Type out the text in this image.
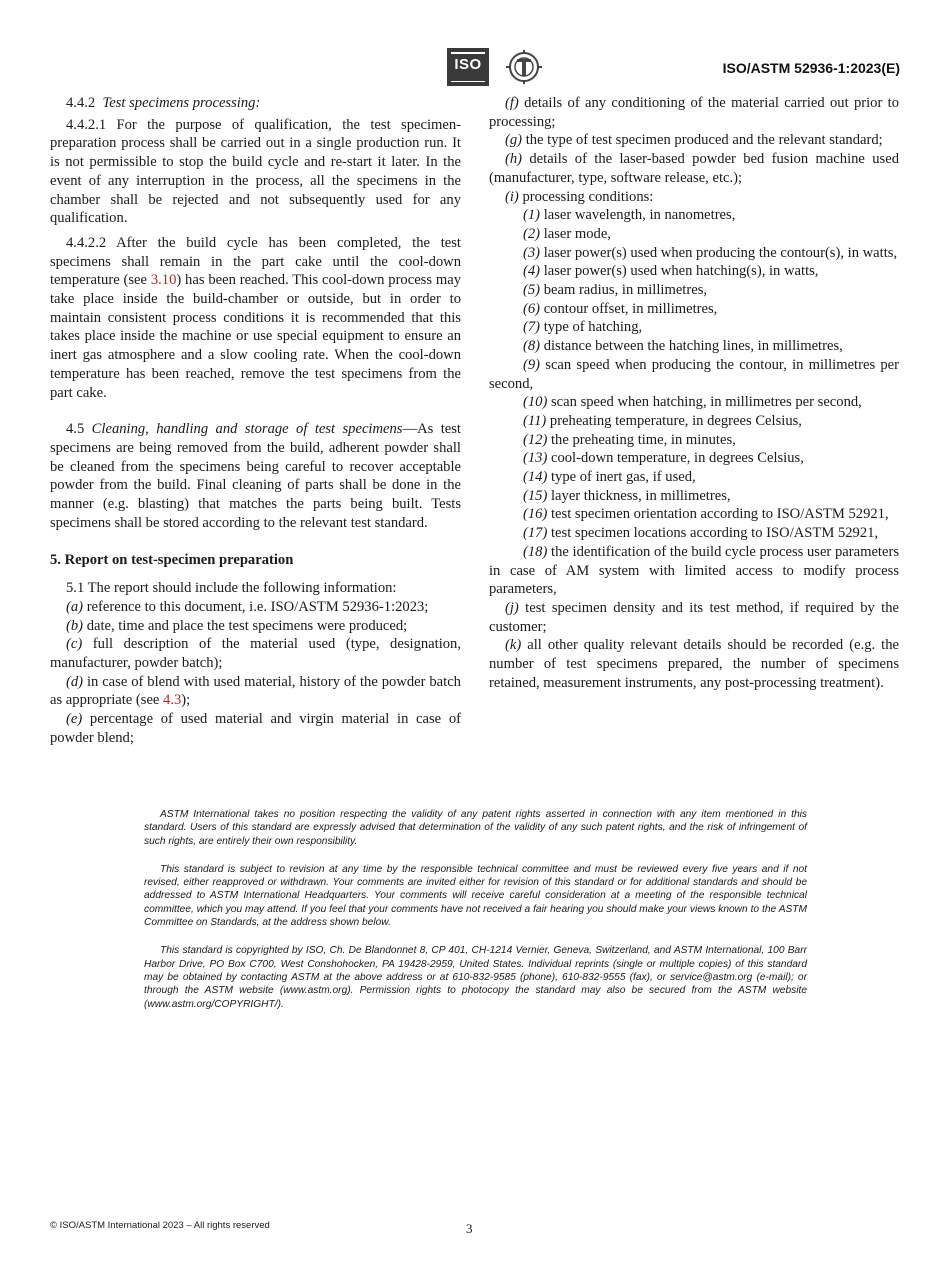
ISO	ISO/ASTM 52936-1:2023(E)

4.4.2 Test specimens processing:

4.4.2.1 For the purpose of qualification, the test specimen-preparation process shall be carried out in a single production run. It is not permissible to stop the build cycle and re-start it later. In the event of any interruption in the process, all the specimens in the chamber shall be rejected and not subsequently used for any qualification.

4.4.2.2 After the build cycle has been completed, the test specimens shall remain in the part cake until the cool-down temperature (see 3.10) has been reached. This cool-down process may take place inside the build-chamber or outside, but in order to maintain consistent process conditions it is recommended that this takes place inside the machine or use special equipment to ensure an inert gas atmosphere and a slow cooling rate. When the cool-down temperature has been reached, remove the test specimens from the part cake.

4.5 Cleaning, handling and storage of test specimens—As test specimens are being removed from the build, adherent powder shall be cleaned from the specimens being careful to recover acceptable powder from the build. Final cleaning of parts shall be done in the manner (e.g. blasting) that matches the parts being built. Tests specimens shall be stored according to the relevant test standard.

5. Report on test-specimen preparation

5.1 The report should include the following information:

(a) reference to this document, i.e. ISO/ASTM 52936-1:2023;

(b) date, time and place the test specimens were produced;

(c) full description of the material used (type, designation, manufacturer, powder batch);

(d) in case of blend with used material, history of the powder batch as appropriate (see 4.3);

(e) percentage of used material and virgin material in case of powder blend;

(f) details of any conditioning of the material carried out prior to processing;

(g) the type of test specimen produced and the relevant standard;

(h) details of the laser-based powder bed fusion machine used (manufacturer, type, software release, etc.);

(i) processing conditions:

(1) laser wavelength, in nanometres,

(2) laser mode,

(3) laser power(s) used when producing the contour(s), in watts,

(4) laser power(s) used when hatching(s), in watts,

(5) beam radius, in millimetres,

(6) contour offset, in millimetres,

(7) type of hatching,

(8) distance between the hatching lines, in millimetres,

(9) scan speed when producing the contour, in millimetres per second,

(10) scan speed when hatching, in millimetres per second,

(11) preheating temperature, in degrees Celsius,

(12) the preheating time, in minutes,

(13) cool-down temperature, in degrees Celsius,

(14) type of inert gas, if used,

(15) layer thickness, in millimetres,

(16) test specimen orientation according to ISO/ASTM 52921,

(17) test specimen locations according to ISO/ASTM 52921,

(18) the identification of the build cycle process user parameters in case of AM system with limited access to modify process parameters,

(j) test specimen density and its test method, if required by the customer;

(k) all other quality relevant details should be recorded (e.g. the number of test specimens prepared, the number of specimens retained, measurement instruments, any post-processing treatment).

ASTM International takes no position respecting the validity of any patent rights asserted in connection with any item mentioned in this standard. Users of this standard are expressly advised that determination of the validity of any such patent rights, and the risk of infringement of such rights, are entirely their own responsibility.

This standard is subject to revision at any time by the responsible technical committee and must be reviewed every five years and if not revised, either reapproved or withdrawn. Your comments are invited either for revision of this standard or for additional standards and should be addressed to ASTM International Headquarters. Your comments will receive careful consideration at a meeting of the responsible technical committee, which you may attend. If you feel that your comments have not received a fair hearing you should make your views known to the ASTM Committee on Standards, at the address shown below.

This standard is copyrighted by ISO, Ch. De Blandonnet 8, CP 401, CH-1214 Vernier, Geneva, Switzerland, and ASTM International, 100 Barr Harbor Drive, PO Box C700, West Conshohocken, PA 19428-2959, United States. Individual reprints (single or multiple copies) of this standard may be obtained by contacting ASTM at the above address or at 610-832-9585 (phone), 610-832-9555 (fax), or service@astm.org (e-mail); or through the ASTM website (www.astm.org). Permission rights to photocopy the standard may also be secured from the ASTM website (www.astm.org/COPYRIGHT/).

© ISO/ASTM International 2023 – All rights reserved	3
